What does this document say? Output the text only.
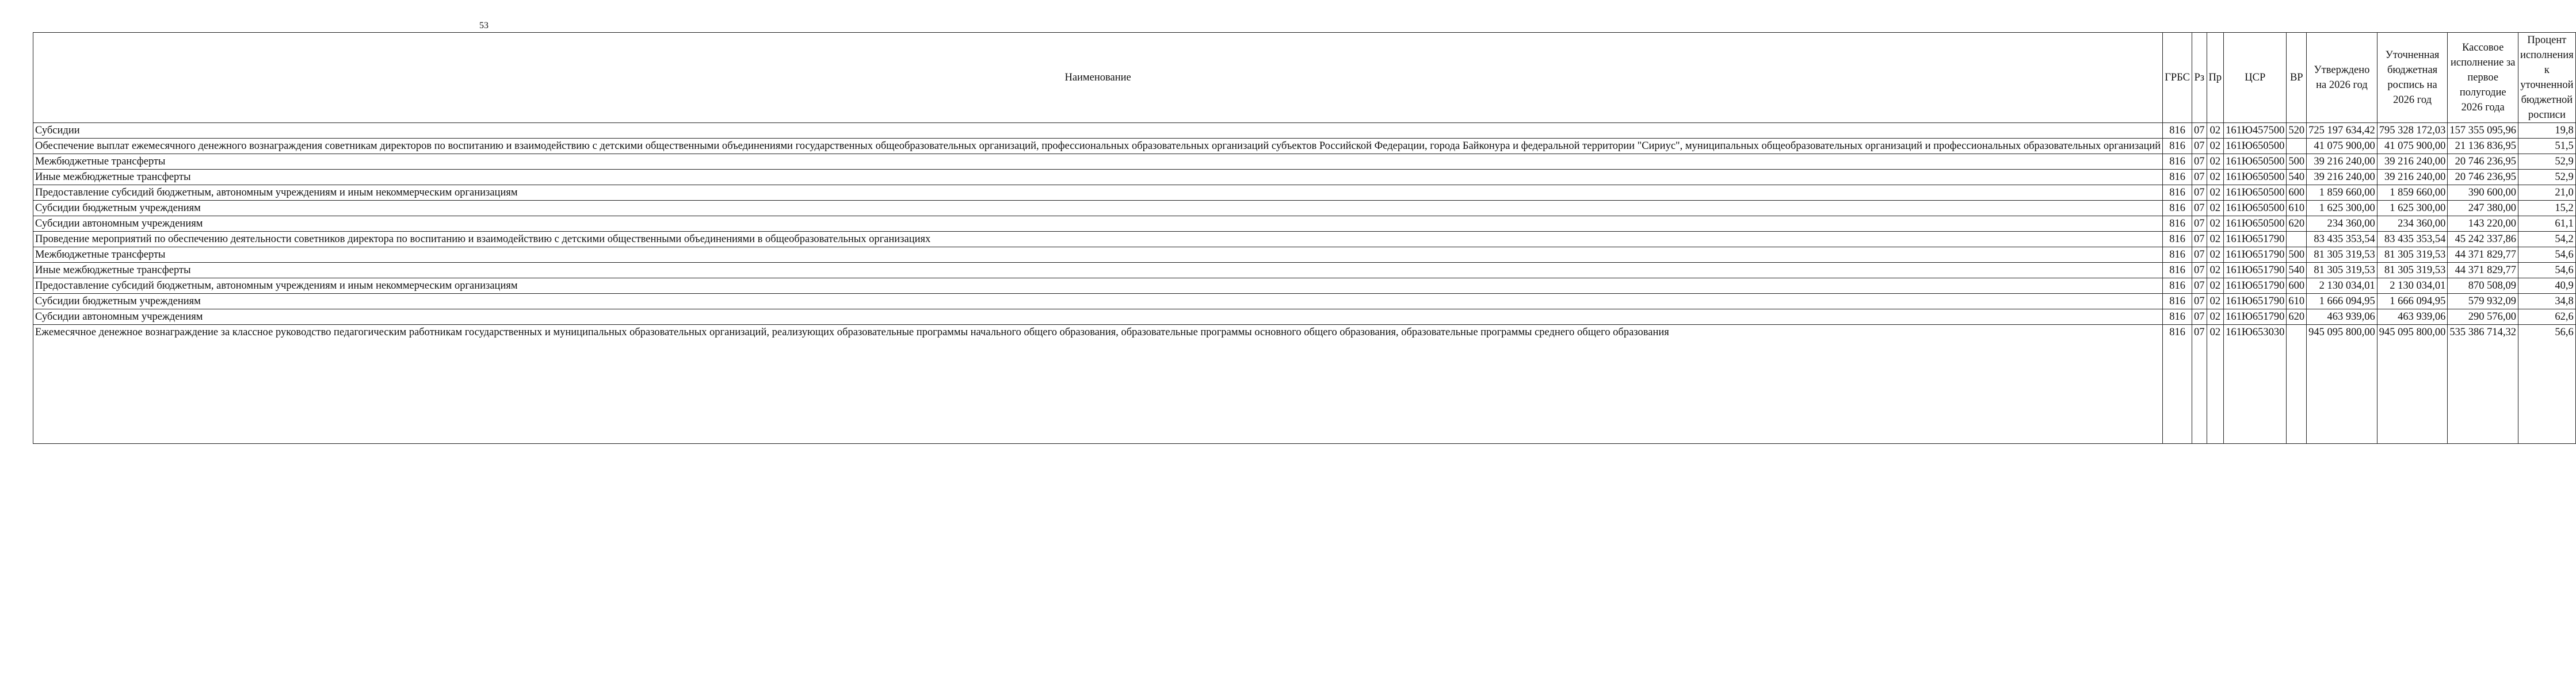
53
Наименование	ГРБС	Рз	Пр	ЦСР	ВР	Утверждено на 2026 год	Уточненная бюджетная роспись на 2026 год	Кассовое исполнение за первое полугодие 2026 года	Процент исполнения к уточненной бюджетной росписи
Субсидии	816	07	02	161Ю457500	520	725 197 634,42	795 328 172,03	157 355 095,96	19,8
Обеспечение выплат ежемесячного денежного вознаграждения советникам директоров по воспитанию и взаимодействию с детскими общественными объединениями государственных общеобразовательных организаций, профессиональных образовательных организаций субъектов Российской Федерации, города Байконура и федеральной территории "Сириус", муниципальных общеобразовательных организаций и профессиональных образовательных организаций	816	07	02	161Ю650500		41 075 900,00	41 075 900,00	21 136 836,95	51,5
Межбюджетные трансферты	816	07	02	161Ю650500	500	39 216 240,00	39 216 240,00	20 746 236,95	52,9
Иные межбюджетные трансферты	816	07	02	161Ю650500	540	39 216 240,00	39 216 240,00	20 746 236,95	52,9
Предоставление субсидий бюджетным, автономным учреждениям и иным некоммерческим организациям	816	07	02	161Ю650500	600	1 859 660,00	1 859 660,00	390 600,00	21,0
Субсидии бюджетным учреждениям	816	07	02	161Ю650500	610	1 625 300,00	1 625 300,00	247 380,00	15,2
Субсидии автономным учреждениям	816	07	02	161Ю650500	620	234 360,00	234 360,00	143 220,00	61,1
Проведение мероприятий по обеспечению деятельности советников директора по воспитанию и взаимодействию с детскими общественными объединениями в общеобразовательных организациях	816	07	02	161Ю651790		83 435 353,54	83 435 353,54	45 242 337,86	54,2
Межбюджетные трансферты	816	07	02	161Ю651790	500	81 305 319,53	81 305 319,53	44 371 829,77	54,6
Иные межбюджетные трансферты	816	07	02	161Ю651790	540	81 305 319,53	81 305 319,53	44 371 829,77	54,6
Предоставление субсидий бюджетным, автономным учреждениям и иным некоммерческим организациям	816	07	02	161Ю651790	600	2 130 034,01	2 130 034,01	870 508,09	40,9
Субсидии бюджетным учреждениям	816	07	02	161Ю651790	610	1 666 094,95	1 666 094,95	579 932,09	34,8
Субсидии автономным учреждениям	816	07	02	161Ю651790	620	463 939,06	463 939,06	290 576,00	62,6
Ежемесячное денежное вознаграждение за классное руководство педагогическим работникам государственных и муниципальных образовательных организаций, реализующих образовательные программы начального общего образования, образовательные программы основного общего образования, образовательные программы среднего общего образования	816	07	02	161Ю653030		945 095 800,00	945 095 800,00	535 386 714,32	56,6
